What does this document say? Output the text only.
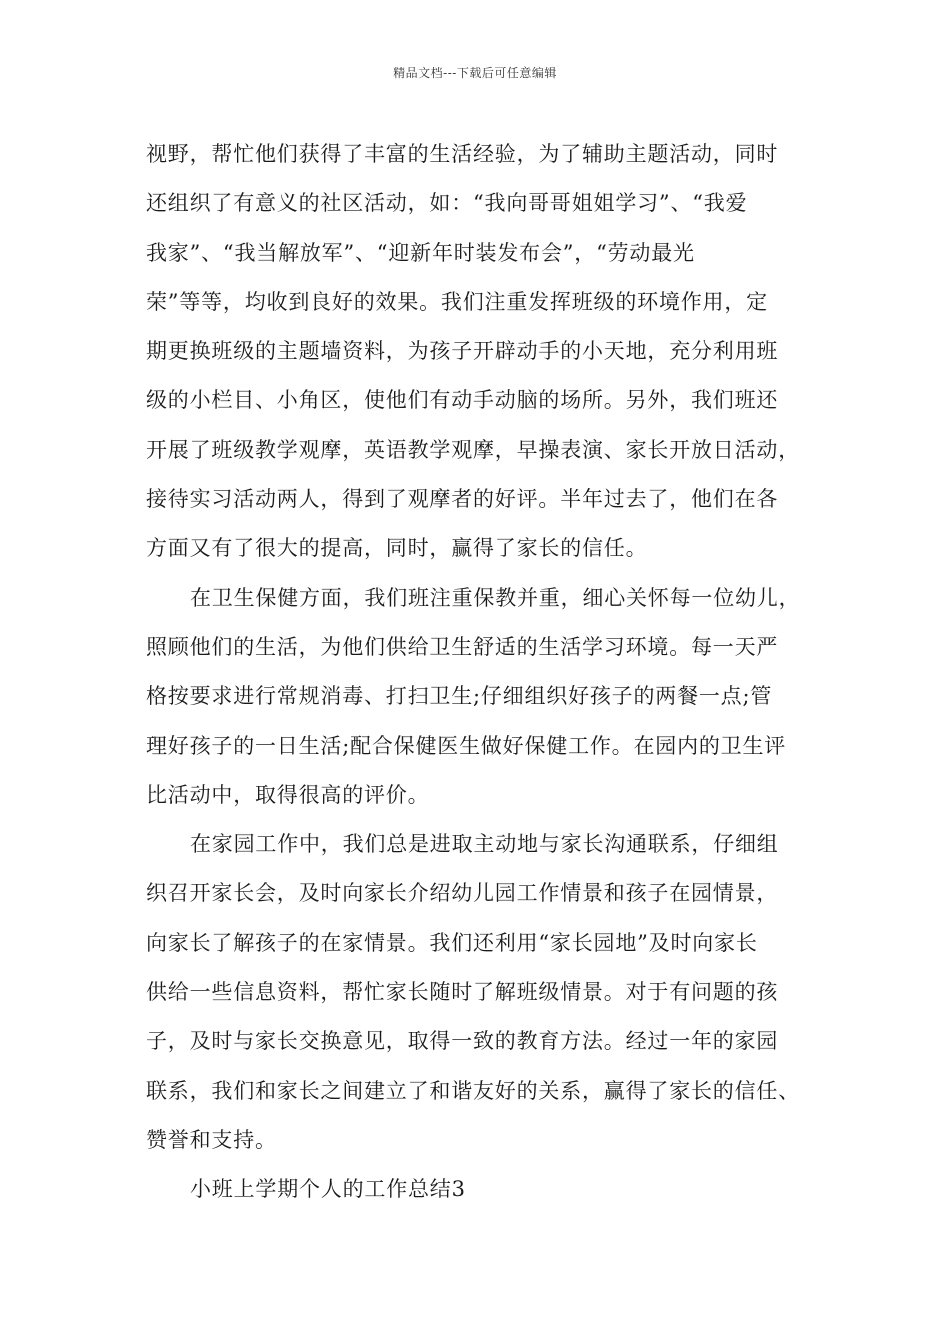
精品文档---下载后可任意编辑
视野，帮忙他们获得了丰富的生活经验，为了辅助主题活动，同时
还组织了有意义的社区活动，如：“我向哥哥姐姐学习”、“我爱
我家”、“我当解放军”、“迎新年时装发布会”，“劳动最光
荣”等等，均收到良好的效果。我们注重发挥班级的环境作用，定
期更换班级的主题墙资料，为孩子开辟动手的小天地，充分利用班
级的小栏目、小角区，使他们有动手动脑的场所。另外，我们班还
开展了班级教学观摩，英语教学观摩，早操表演、家长开放日活动，
接待实习活动两人，得到了观摩者的好评。半年过去了，他们在各
方面又有了很大的提高，同时，赢得了家长的信任。
在卫生保健方面，我们班注重保教并重，细心关怀每一位幼儿，
照顾他们的生活，为他们供给卫生舒适的生活学习环境。每一天严
格按要求进行常规消毒、打扫卫生;仔细组织好孩子的两餐一点;管
理好孩子的一日生活;配合保健医生做好保健工作。在园内的卫生评
比活动中，取得很高的评价。
在家园工作中，我们总是进取主动地与家长沟通联系，仔细组
织召开家长会，及时向家长介绍幼儿园工作情景和孩子在园情景，
向家长了解孩子的在家情景。我们还利用“家长园地”及时向家长
供给一些信息资料，帮忙家长随时了解班级情景。对于有问题的孩
子，及时与家长交换意见，取得一致的教育方法。经过一年的家园
联系，我们和家长之间建立了和谐友好的关系，赢得了家长的信任、
赞誉和支持。
小班上学期个人的工作总结3
